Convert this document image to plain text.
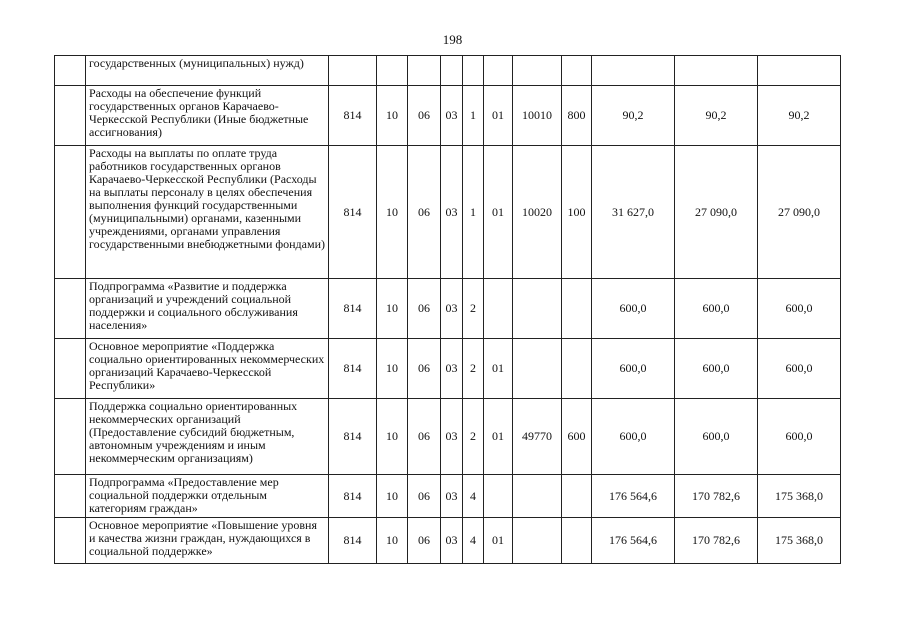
198
	государственных (муниципальных) нужд)											
	Расходы на обеспечение функций государственных органов Карачаево-Черкесской Республики (Иные бюджетные ассигнования)	814	10	06	03	1	01	10010	800	90,2	90,2	90,2
	Расходы на выплаты по оплате труда работников государственных органов Карачаево-Черкесской Республики (Расходы на выплаты персоналу в целях обеспечения выполнения функций государственными (муниципальными) органами, казенными учреждениями, органами управления государственными внебюджетными фондами)	814	10	06	03	1	01	10020	100	31 627,0	27 090,0	27 090,0
	Подпрограмма «Развитие и поддержка организаций и учреждений социальной поддержки и социального обслуживания населения»	814	10	06	03	2				600,0	600,0	600,0
	Основное мероприятие «Поддержка социально ориентированных некоммерческих организаций Карачаево-Черкесской Республики»	814	10	06	03	2	01			600,0	600,0	600,0
	Поддержка социально ориентированных некоммерческих организаций (Предоставление субсидий бюджетным, автономным учреждениям и иным некоммерческим организациям)	814	10	06	03	2	01	49770	600	600,0	600,0	600,0
	Подпрограмма «Предоставление мер социальной поддержки отдельным категориям граждан»	814	10	06	03	4				176 564,6	170 782,6	175 368,0
	Основное мероприятие «Повышение уровня и качества жизни граждан, нуждающихся в социальной поддержке»	814	10	06	03	4	01			176 564,6	170 782,6	175 368,0
